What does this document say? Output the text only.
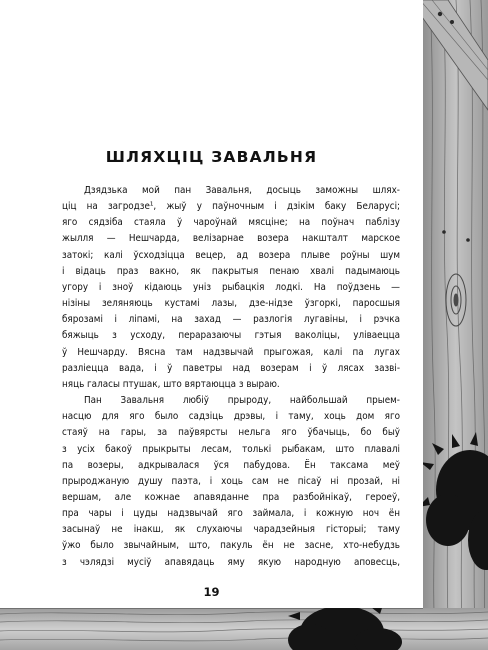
ШЛЯХЦІЦ ЗАВАЛЬНЯ

Дзядзька мой пан Завальня, досыць заможны шлях-

ціц на загродзе¹, жыў у паўночным і дзікім баку Беларусі;

яго сядзіба стаяла ў чароўнай мясціне; на поўнач паблізу

жылля — Нешчарда, велізарнае возера накшталт марское

затокі; калі ўсходзіцца вецер, ад возера плыве роўны шум

і відаць праз вакно, як пакрытыя пенаю хвалі падымаюць

угору і зноў кідаюць уніз рыбацкія лодкі. На поўдзень —

нізіны зеляняюць кустамі лазы, дзе-нідзе ўзгоркі, паросшыя

бярозамі і ліпамі, на захад — разлогія лугавіны, і рэчка

бяжыць з усходу, пераразаючы гэтыя ваколіцы, уліваецца

ў Нешчарду. Вясна там надзвычай прыгожая, калі па лугах

разліецца вада, і ў паветры над возерам і ў лясах зазві-

няць галасы птушак, што вяртаюцца з выраю.

Пан Завальня любіў прыроду, найбольшай прыем-

насцю для яго было садзіць дрэвы, і таму, хоць дом яго

стаяў на гары, за паўвярсты нельга яго ўбачыць, бо быў

з усіх бакоў прыкрыты лесам, толькі рыбакам, што плавалі

па возеры, адкрывалася ўся пабудова. Ён таксама меў

прыроджаную душу паэта, і хоць сам не пісаў ні прозай, ні

вершам, але кожнае апавяданне пра разбойнікаў, героеў,

пра чары і цуды надзвычай яго займала, і кожную ноч ён

засынаў не інакш, як слухаючы чарадзейныя гісторыі; таму

ўжо было звычайным, што, пакуль ён не засне, хто-небудзь

з чэлядзі мусіў апавядаць яму якую народную аповесць,

19
